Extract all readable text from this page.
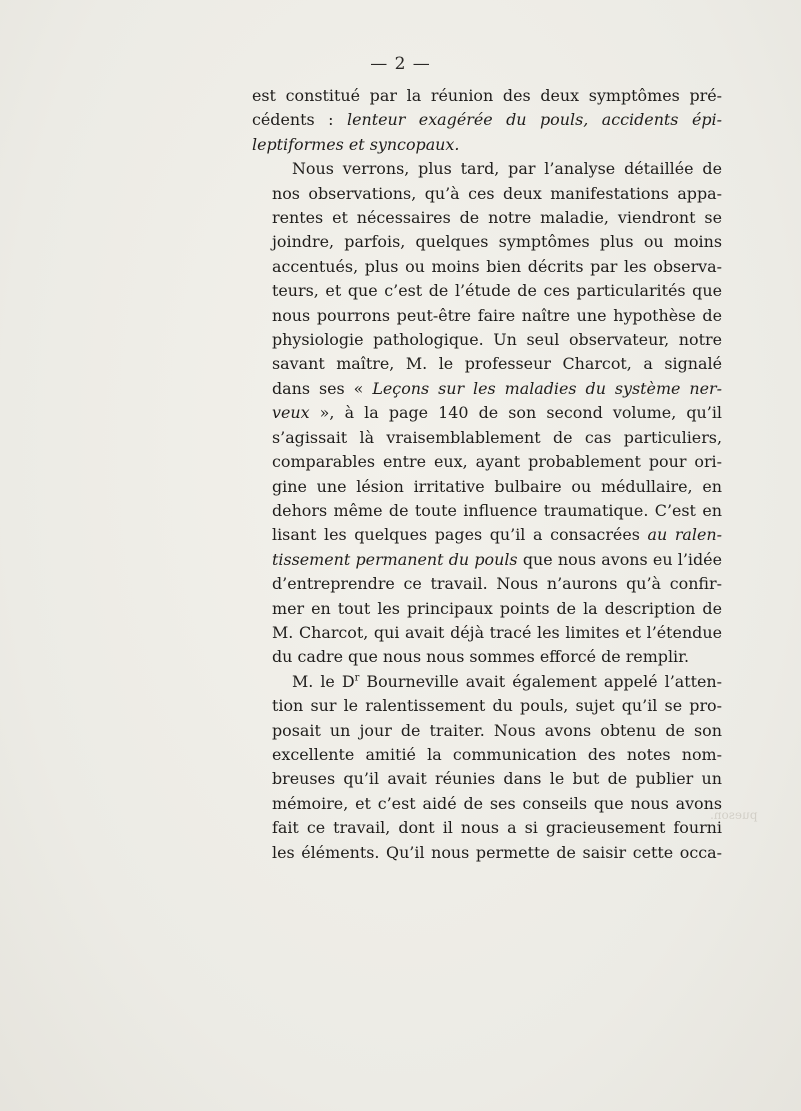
— 2 —
est constitué par la réunion des deux symptômes pré-
cédents : lenteur exagérée du pouls, accidents épi-
leptiformes et syncopaux.
Nous verrons, plus tard, par l’analyse détaillée de
nos observations, qu’à ces deux manifestations appa-
rentes et nécessaires de notre maladie, viendront se
joindre, parfois, quelques symptômes plus ou moins
accentués, plus ou moins bien décrits par les observa-
teurs, et que c’est de l’étude de ces particularités que
nous pourrons peut-être faire naître une hypothèse de
physiologie pathologique. Un seul observateur, notre
savant maître, M. le professeur Charcot, a signalé
dans ses « Leçons sur les maladies du système ner-
veux », à la page 140 de son second volume, qu’il
s’agissait là vraisemblablement de cas particuliers,
comparables entre eux, ayant probablement pour ori-
gine une lésion irritative bulbaire ou médullaire, en
dehors même de toute influence traumatique. C’est en
lisant les quelques pages qu’il a consacrées au ralen-
tissement permanent du pouls que nous avons eu l’idée
d’entreprendre ce travail. Nous n’aurons qu’à confir-
mer en tout les principaux points de la description de
M. Charcot, qui avait déjà tracé les limites et l’étendue
du cadre que nous nous sommes efforcé de remplir.
M. le $D^r$ Bourneville avait également appelé l’atten-
tion sur le ralentissement du pouls, sujet qu’il se pro-
posait un jour de traiter. Nous avons obtenu de son
excellente amitié la communication des notes nom-
breuses qu’il avait réunies dans le but de publier un
mémoire, et c’est aidé de ses conseils que nous avons
fait ce travail, dont il nous a si gracieusement fourni
les éléments. Qu’il nous permette de saisir cette occa-
pueson.
